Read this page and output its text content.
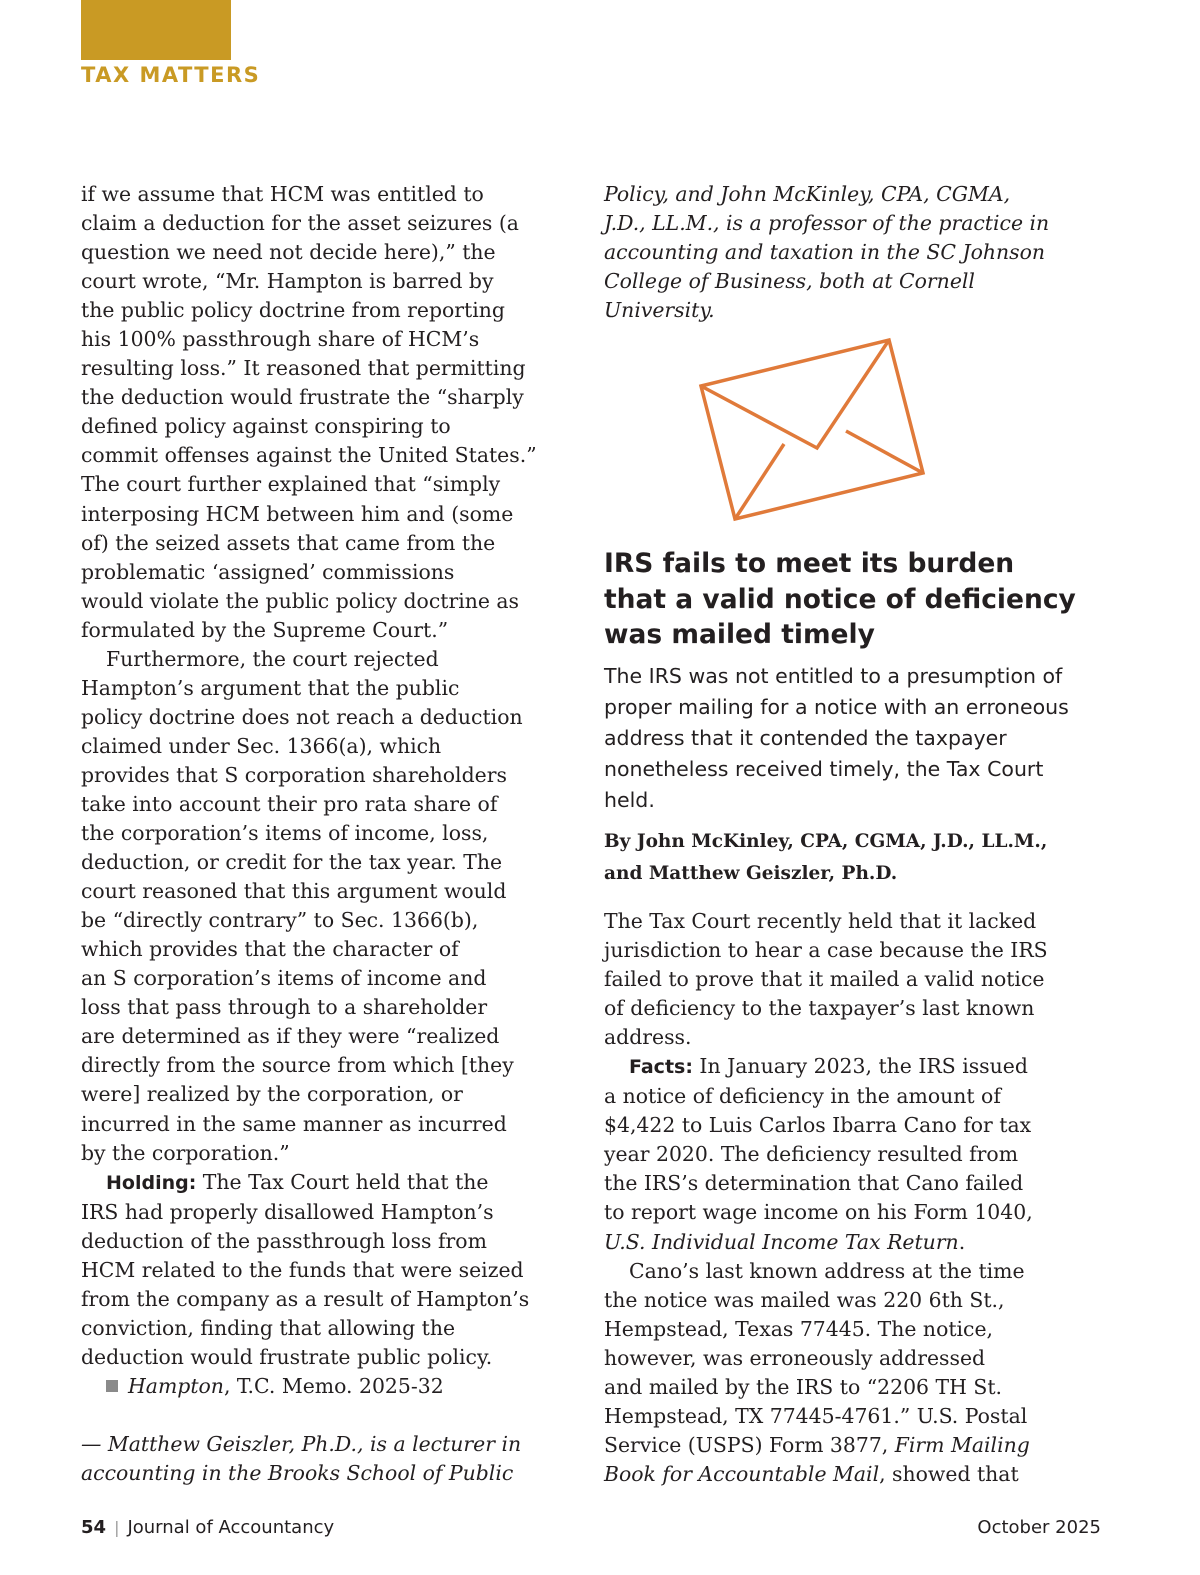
TAX MATTERS
if we assume that HCM was entitled to
claim a deduction for the asset seizures (a
question we need not decide here),” the
court wrote, “Mr. Hampton is barred by
the public policy doctrine from reporting
his 100% passthrough share of HCM’s
resulting loss.” It reasoned that permitting
the deduction would frustrate the “sharply
defined policy against conspiring to
commit offenses against the United States.”
The court further explained that “simply
interposing HCM between him and (some
of) the seized assets that came from the
problematic ‘assigned’ commissions
would violate the public policy doctrine as
formulated by the Supreme Court.”
Furthermore, the court rejected
Hampton’s argument that the public
policy doctrine does not reach a deduction
claimed under Sec. 1366(a), which
provides that S corporation shareholders
take into account their pro rata share of
the corporation’s items of income, loss,
deduction, or credit for the tax year. The
court reasoned that this argument would
be “directly contrary” to Sec. 1366(b),
which provides that the character of
an S corporation’s items of income and
loss that pass through to a shareholder
are determined as if they were “realized
directly from the source from which [they
were] realized by the corporation, or
incurred in the same manner as incurred
by the corporation.”
Holding: The Tax Court held that the
IRS had properly disallowed Hampton’s
deduction of the passthrough loss from
HCM related to the funds that were seized
from the company as a result of Hampton’s
conviction, finding that allowing the
deduction would frustrate public policy.
Hampton, T.C. Memo. 2025-32
— Matthew Geiszler, Ph.D., is a lecturer in
accounting in the Brooks School of Public
Policy, and John McKinley, CPA, CGMA,
J.D., LL.M., is a professor of the practice in
accounting and taxation in the SC Johnson
College of Business, both at Cornell
University.
IRS fails to meet its burden that a valid notice of deficiency was mailed timely
The IRS was not entitled to a presumption of proper mailing for a notice with an erroneous address that it contended the taxpayer nonetheless received timely, the Tax Court held.
By John McKinley, CPA, CGMA, J.D., LL.M.,
and Matthew Geiszler, Ph.D.
The Tax Court recently held that it lacked
jurisdiction to hear a case because the IRS
failed to prove that it mailed a valid notice
of deficiency to the taxpayer’s last known
address.
Facts: In January 2023, the IRS issued
a notice of deficiency in the amount of
$4,422 to Luis Carlos Ibarra Cano for tax
year 2020. The deficiency resulted from
the IRS’s determination that Cano failed
to report wage income on his Form 1040,
U.S. Individual Income Tax Return.
Cano’s last known address at the time
the notice was mailed was 220 6th St.,
Hempstead, Texas 77445. The notice,
however, was erroneously addressed
and mailed by the IRS to “2206 TH St.
Hempstead, TX 77445-4761.” U.S. Postal
Service (USPS) Form 3877, Firm Mailing
Book for Accountable Mail, showed that
54 | Journal of Accountancy	October 2025
